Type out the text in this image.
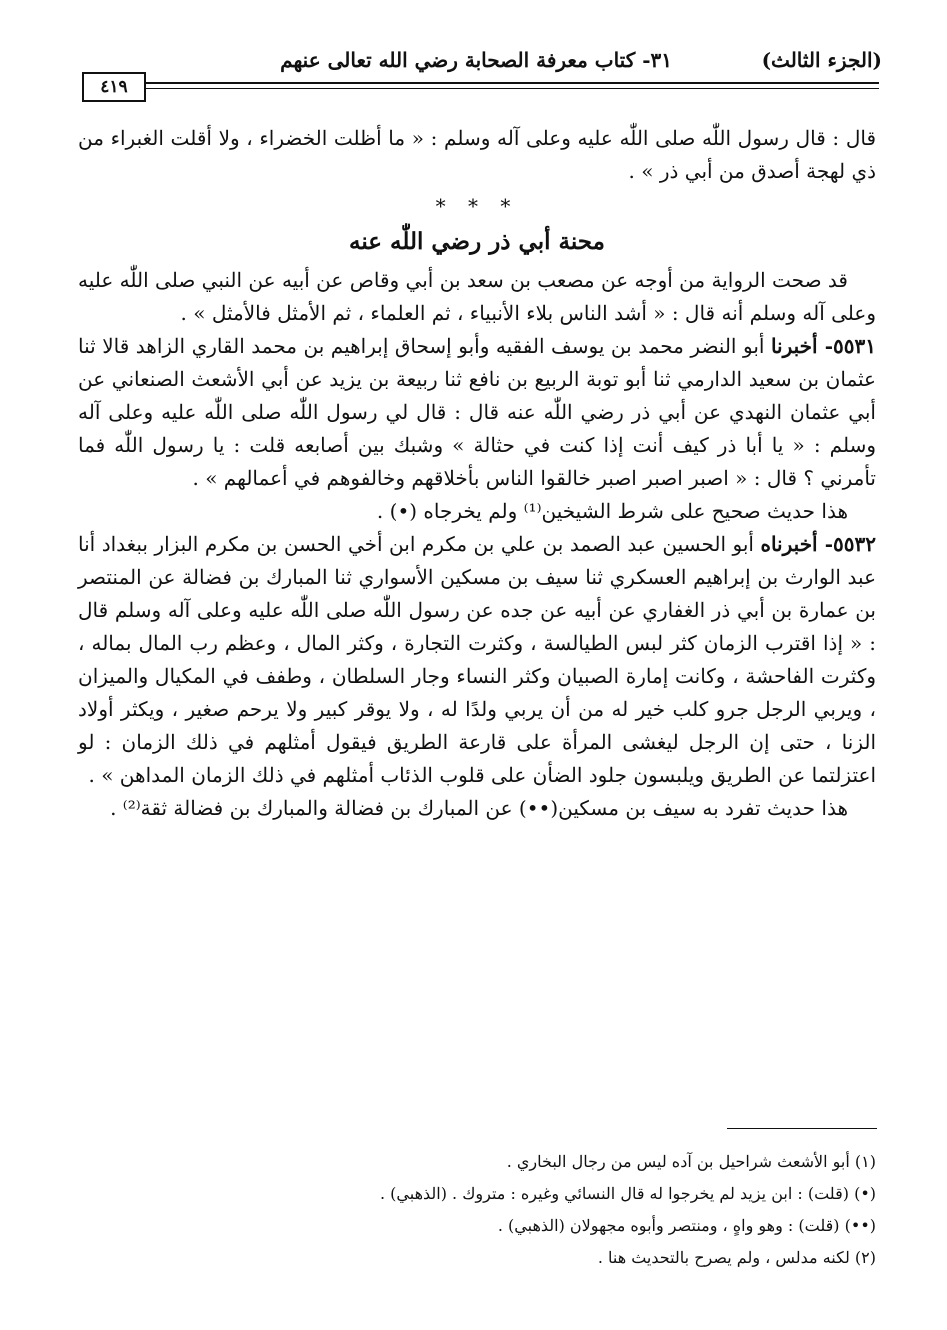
(الجزء الثالث)
٣١- كتاب معرفة الصحابة رضي الله تعالى عنهم
٤١٩

قال : قال رسول اللّٰه صلى اللّٰه عليه وعلى آله وسلم : « ما أظلت الخضراء ، ولا أقلت الغبراء من ذي لهجة أصدق من أبي ذر » .

* * *
محنة أبي ذر رضي اللّٰه عنه

قد صحت الرواية من أوجه عن مصعب بن سعد بن أبي وقاص عن أبيه عن النبي صلى اللّٰه عليه وعلى آله وسلم أنه قال : « أشد الناس بلاء الأنبياء ، ثم العلماء ، ثم الأمثل فالأمثل » .

٥٥٣١- أخبرنا أبو النضر محمد بن يوسف الفقيه وأبو إسحاق إبراهيم بن محمد القاري الزاهد قالا ثنا عثمان بن سعيد الدارمي ثنا أبو توبة الربيع بن نافع ثنا ربيعة بن يزيد عن أبي الأشعث الصنعاني عن أبي عثمان النهدي عن أبي ذر رضي اللّٰه عنه قال : قال لي رسول اللّٰه صلى اللّٰه عليه وعلى آله وسلم : « يا أبا ذر كيف أنت إذا كنت في حثالة » وشبك بين أصابعه قلت : يا رسول اللّٰه فما تأمرني ؟ قال : « اصبر اصبر اصبر خالقوا الناس بأخلاقهم وخالفوهم في أعمالهم » .

هذا حديث صحيح على شرط الشيخين⁽¹⁾ ولم يخرجاه (•) .

٥٥٣٢- أخبرناه أبو الحسين عبد الصمد بن علي بن مكرم ابن أخي الحسن بن مكرم البزار ببغداد أنا عبد الوارث بن إبراهيم العسكري ثنا سيف بن مسكين الأسواري ثنا المبارك بن فضالة عن المنتصر بن عمارة بن أبي ذر الغفاري عن أبيه عن جده عن رسول اللّٰه صلى اللّٰه عليه وعلى آله وسلم قال : « إذا اقترب الزمان كثر لبس الطيالسة ، وكثرت التجارة ، وكثر المال ، وعظم رب المال بماله ، وكثرت الفاحشة ، وكانت إمارة الصبيان وكثر النساء وجار السلطان ، وطفف في المكيال والميزان ، ويربي الرجل جرو كلب خير له من أن يربي ولدًا له ، ولا يوقر كبير ولا يرحم صغير ، ويكثر أولاد الزنا ، حتى إن الرجل ليغشى المرأة على قارعة الطريق فيقول أمثلهم في ذلك الزمان : لو اعتزلتما عن الطريق ويلبسون جلود الضأن على قلوب الذئاب أمثلهم في ذلك الزمان المداهن » .

هذا حديث تفرد به سيف بن مسكين(••) عن المبارك بن فضالة والمبارك بن فضالة ثقة⁽²⁾ .

(١) أبو الأشعث شراحيل بن آده ليس من رجال البخاري .

(•) (قلت) : ابن يزيد لم يخرجوا له قال النسائي وغيره : متروك . (الذهبي) .

(••) (قلت) : وهو واهٍ ، ومنتصر وأبوه مجهولان (الذهبي) .

(٢) لكنه مدلس ، ولم يصرح بالتحديث هنا .
